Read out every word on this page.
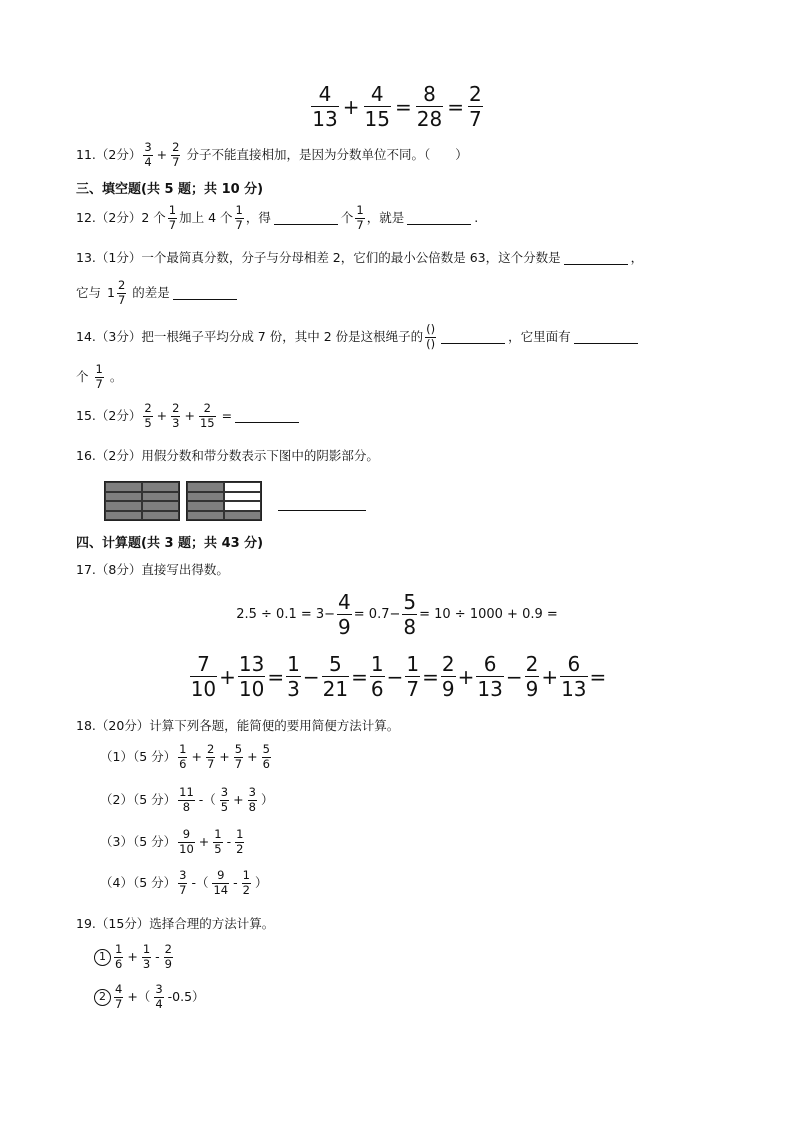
$\frac{4}{13} + \frac{4}{15} = \frac{8}{28} = \frac{2}{7}$
11.（2分） $\frac{3}{4} + \frac{2}{7}$ 分子不能直接相加，是因为分数单位不同。（　　）
三、填空题(共 5 题；共 10 分)
12.（2分） 2 个 $\frac{1}{7}$ 加上 4 个 $\frac{1}{7}$ ，得	个 $\frac{1}{7}$ ，就是	.
13.（1分）一个最简真分数，分子与分母相差 2，它们的最小公倍数是 63，这个分数是	，
它与 $1 \frac{2}{7}$ 的差是
14.（3分）把一根绳子平均分成 7 份，其中 2 份是这根绳子的 $\frac{()}{()}$	，它里面有
个 $\frac{1}{7}$ 。
15.（2分） $\frac{2}{5} + \frac{2}{3} + \frac{2}{15}$ =
16.（2分）用假分数和带分数表示下图中的阴影部分。
四、计算题(共 3 题；共 43 分)
17.（8分）直接写出得数。
$2.5 \div 0.1 = 3- \frac{4}{9} = 0.7- \frac{5}{8} = 10 \div 1000 + 0.9$ =
$\frac{7}{10} + \frac{13}{10} = \frac{1}{3} - \frac{5}{21} = \frac{1}{6} - \frac{1}{7} = \frac{2}{9} + \frac{6}{13} - \frac{2}{9} + \frac{6}{13}$ =
18.（20分）计算下列各题，能简便的要用简便方法计算。
（1）（5 分） $\frac{1}{6} + \frac{2}{7} + \frac{5}{7} + \frac{5}{6}$
（2）（5 分） $\frac{11}{8}$ -（ $\frac{3}{5} + \frac{3}{8}$ ）
（3）（5 分） $\frac{9}{10} + \frac{1}{5} - \frac{1}{2}$
（4）（5 分） $\frac{3}{7}$ -（ $\frac{9}{14} - \frac{1}{2}$ ）
19.（15分）选择合理的方法计算。
$1 \frac{1}{6} + \frac{1}{3} - \frac{2}{9}$
$2 \frac{4}{7}$ +（ $\frac{3}{4} -0.5$）
